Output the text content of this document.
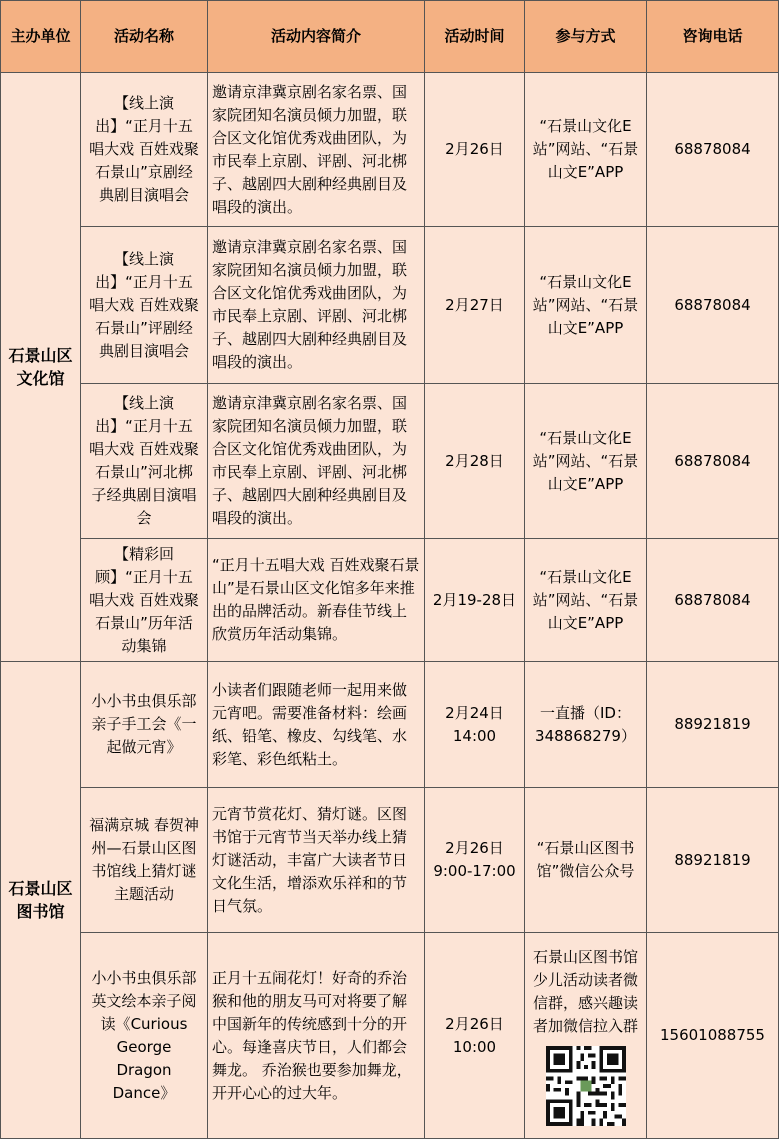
主办单位	活动名称	活动内容简介	活动时间	参与方式	咨询电话
石景山区文化馆	【线上演出】“正月十五唱大戏 百姓戏聚石景山”京剧经典剧目演唱会	邀请京津冀京剧名家名票、国家院团知名演员倾力加盟，联合区文化馆优秀戏曲团队，为市民奉上京剧、评剧、河北梆子、越剧四大剧种经典剧目及唱段的演出。	2月26日	“石景山文化E站”网站、“石景山文E”APP	68878084
	【线上演出】“正月十五唱大戏 百姓戏聚石景山”评剧经典剧目演唱会	邀请京津冀京剧名家名票、国家院团知名演员倾力加盟，联合区文化馆优秀戏曲团队，为市民奉上京剧、评剧、河北梆子、越剧四大剧种经典剧目及唱段的演出。	2月27日	“石景山文化E站”网站、“石景山文E”APP	68878084
	【线上演出】“正月十五唱大戏 百姓戏聚石景山”河北梆子经典剧目演唱会	邀请京津冀京剧名家名票、国家院团知名演员倾力加盟，联合区文化馆优秀戏曲团队，为市民奉上京剧、评剧、河北梆子、越剧四大剧种经典剧目及唱段的演出。	2月28日	“石景山文化E站”网站、“石景山文E”APP	68878084
	【精彩回顾】“正月十五唱大戏 百姓戏聚石景山”历年活动集锦	“正月十五唱大戏 百姓戏聚石景山”是石景山区文化馆多年来推出的品牌活动。新春佳节线上欣赏历年活动集锦。	2月19-28日	“石景山文化E站”网站、“石景山文E”APP	68878084
石景山区图书馆	小小书虫俱乐部亲子手工会《一起做元宵》	小读者们跟随老师一起用来做元宵吧。需要准备材料：绘画纸、铅笔、橡皮、勾线笔、水彩笔、彩色纸粘土。	2月24日 14:00	一直播（ID：348868279）	88921819
	福满京城 春贺神州—石景山区图书馆线上猜灯谜主题活动	元宵节赏花灯、猜灯谜。区图书馆于元宵节当天举办线上猜灯谜活动，丰富广大读者节日文化生活，增添欢乐祥和的节日气氛。	2月26日 9:00-17:00	“石景山区图书馆”微信公众号	88921819
	小小书虫俱乐部英文绘本亲子阅读《Curious George Dragon Dance》	正月十五闹花灯！好奇的乔治猴和他的朋友马可对将要了解中国新年的传统感到十分的开心。每逢喜庆节日，人们都会舞龙。 乔治猴也要参加舞龙，开开心心的过大年。	2月26日 10:00	石景山区图书馆少儿活动读者微信群，感兴趣读者加微信拉入群	15601088755
